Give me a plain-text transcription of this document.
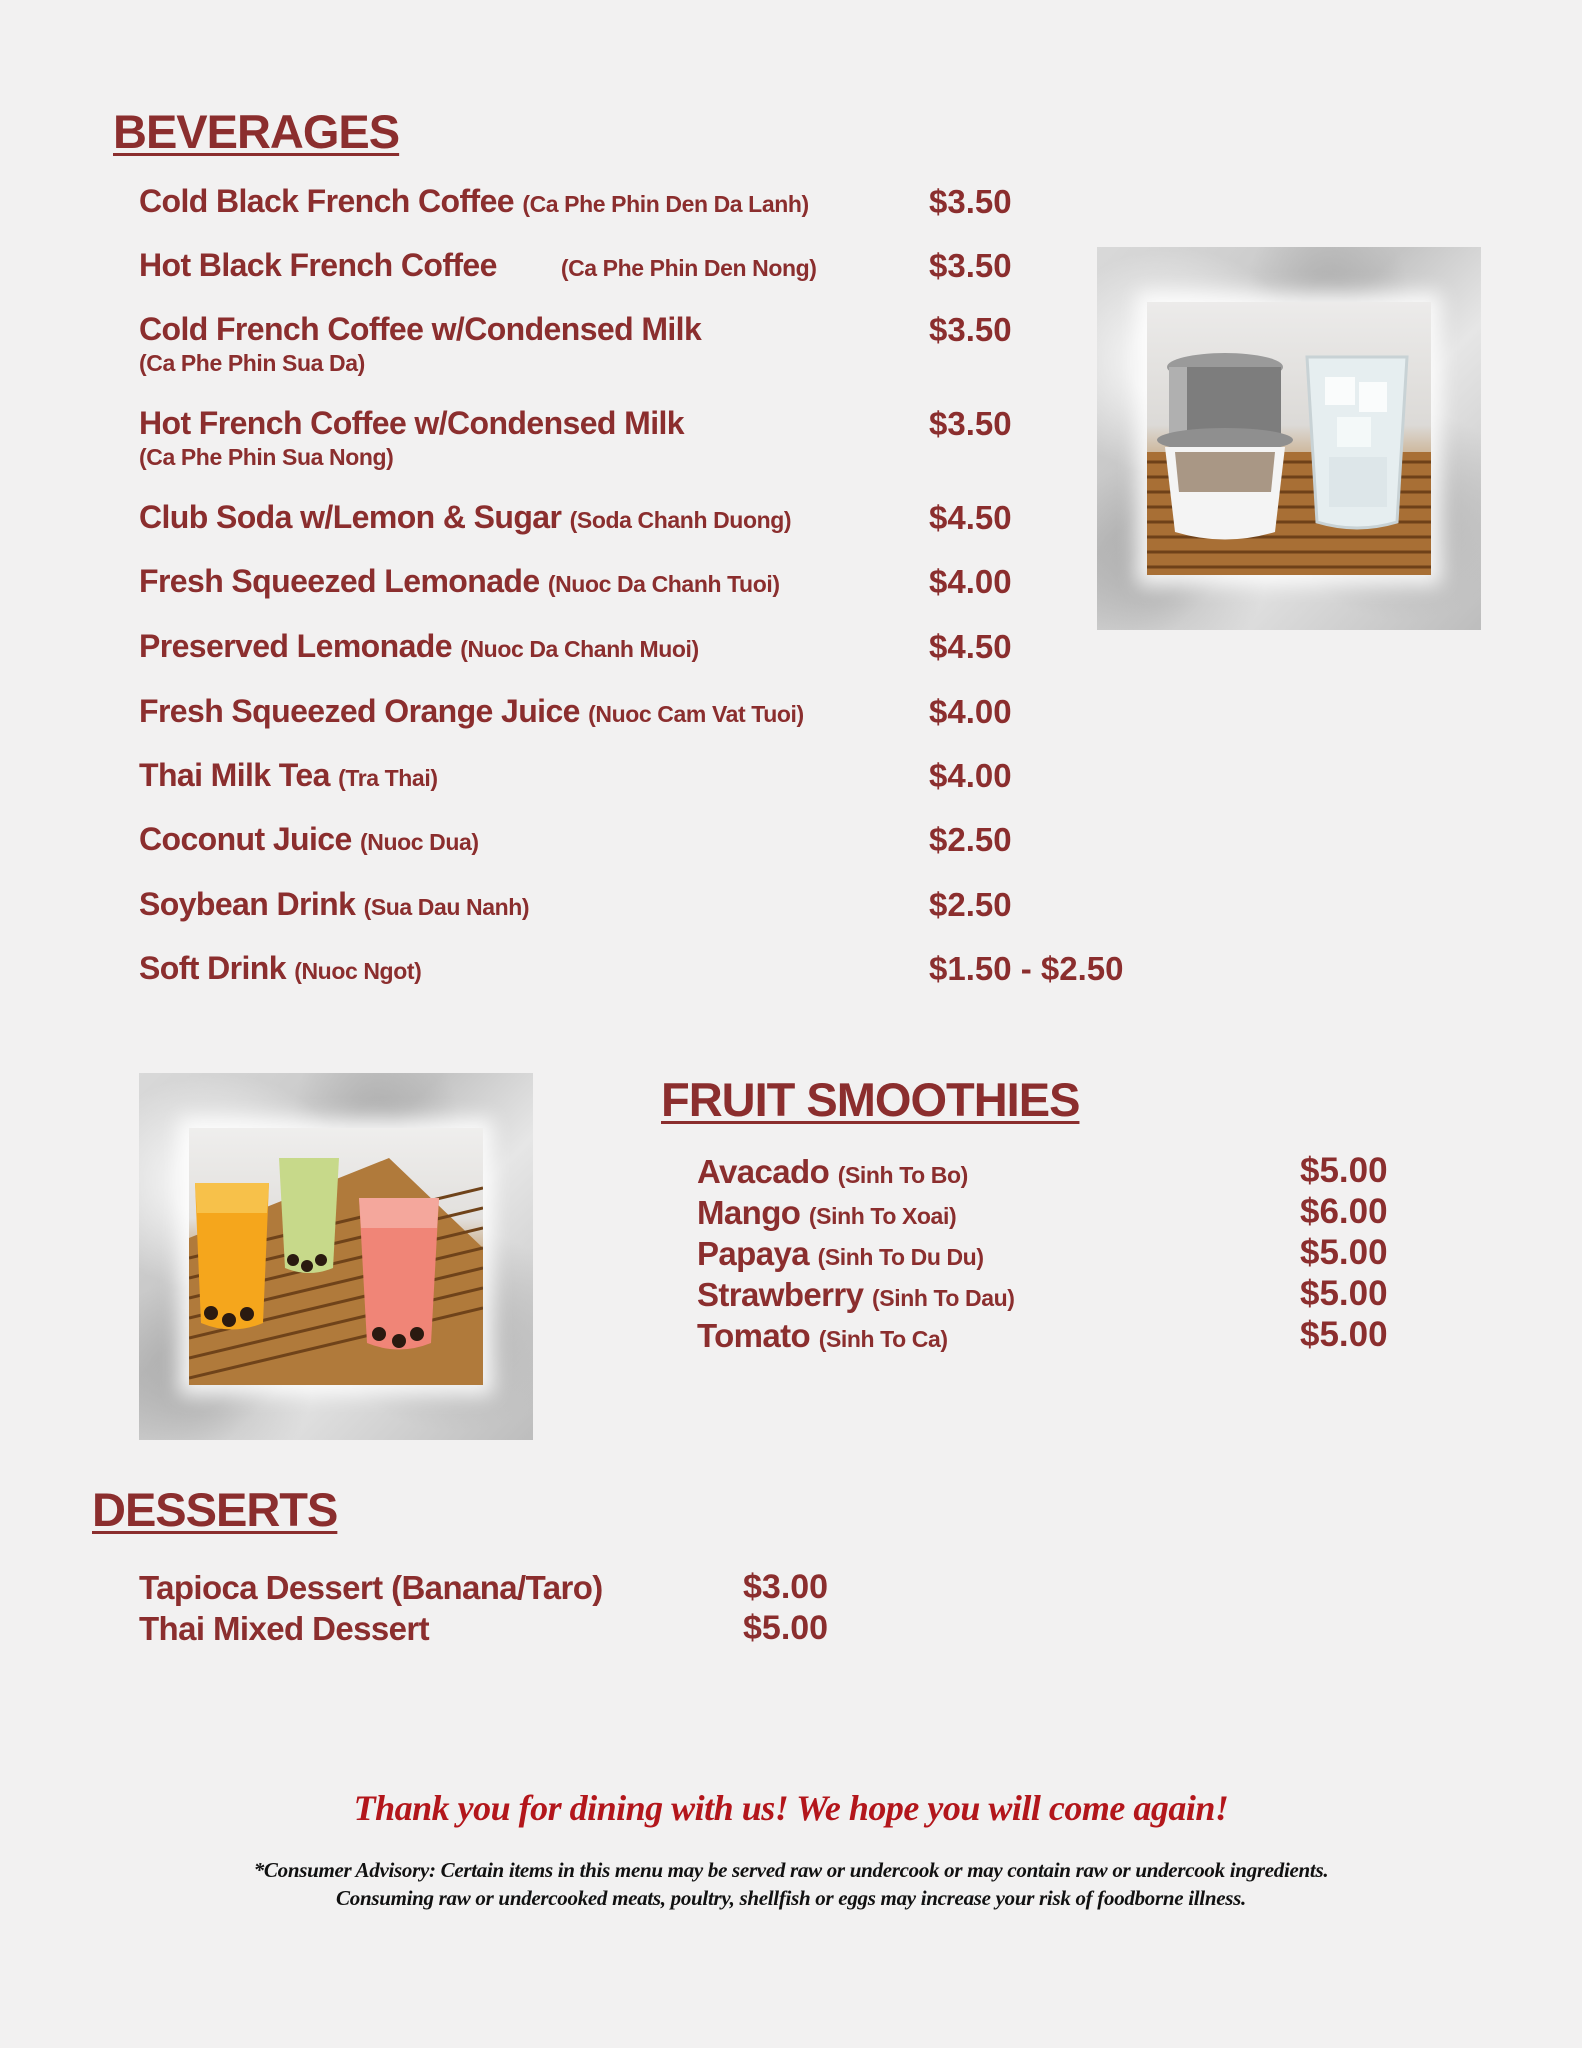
BEVERAGES
Cold Black French Coffee (Ca Phe Phin Den Da Lanh)	$3.50
Hot Black French Coffee	(Ca Phe Phin Den Nong)	$3.50
Cold French Coffee w/Condensed Milk
(Ca Phe Phin Sua Da)
$3.50
Hot French Coffee w/Condensed Milk
(Ca Phe Phin Sua Nong)
$3.50
Club Soda w/Lemon & Sugar (Soda Chanh Duong)	$4.50
Fresh Squeezed Lemonade (Nuoc Da Chanh Tuoi)	$4.00
Preserved Lemonade (Nuoc Da Chanh Muoi)	$4.50
Fresh Squeezed Orange Juice (Nuoc Cam Vat Tuoi)	$4.00
Thai Milk Tea (Tra Thai)	$4.00
Coconut Juice (Nuoc Dua)	$2.50
Soybean Drink (Sua Dau Nanh)	$2.50
Soft Drink (Nuoc Ngot)	$1.50 - $2.50
FRUIT SMOOTHIES
Avacado (Sinh To Bo)	$5.00
Mango (Sinh To Xoai)	$6.00
Papaya (Sinh To Du Du)	$5.00
Strawberry (Sinh To Dau)	$5.00
Tomato (Sinh To Ca)	$5.00
DESSERTS
Tapioca Dessert (Banana/Taro)	$3.00
Thai Mixed Dessert	$5.00
Thank you for dining with us! We hope you will come again!
*Consumer Advisory: Certain items in this menu may be served raw or undercook or may contain raw or undercook ingredients.
Consuming raw or undercooked meats, poultry, shellfish or eggs may increase your risk of foodborne illness.
